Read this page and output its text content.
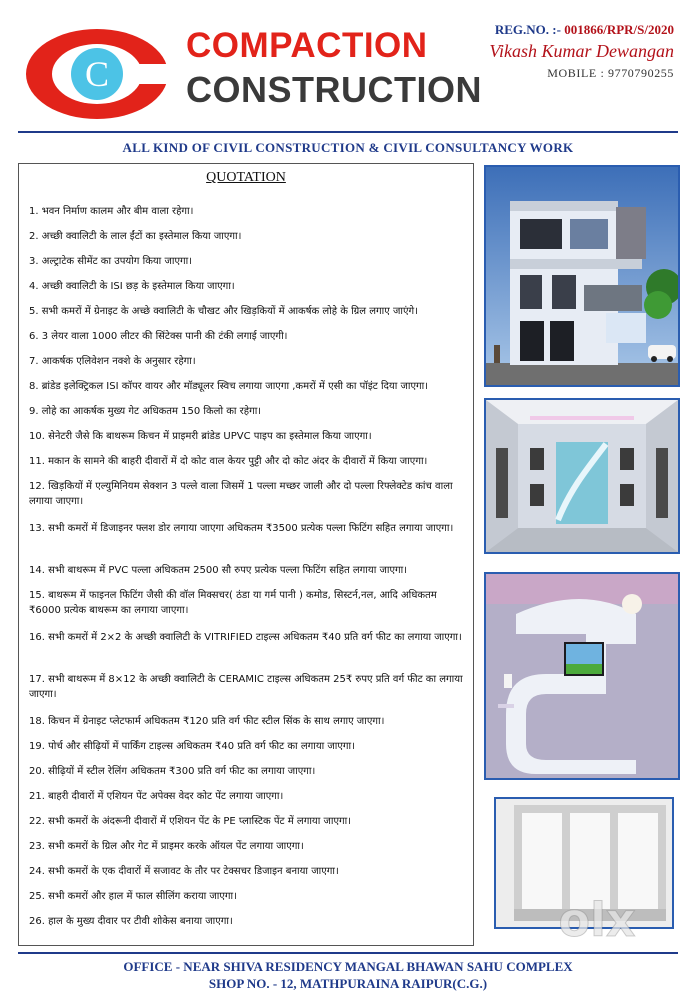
C
COMPACTION
CONSTRUCTION
REG.NO. :- 001866/RPR/S/2020
Vikash Kumar Dewangan
MOBILE : 9770790255
ALL KIND OF CIVIL CONSTRUCTION & CIVIL CONSULTANCY WORK
QUOTATION
1. भवन निर्माण कालम और बीम वाला रहेगा।
2. अच्छी क्वालिटी के लाल ईंटों का इस्तेमाल किया जाएगा।
3. अल्ट्राटेक सीमेंट का उपयोग किया जाएगा।
4. अच्छी क्वालिटी के ISI छड़ के इस्तेमाल किया जाएगा।
5. सभी कमरों में ग्रेनाइट के अच्छे क्वालिटी के चौखट और खिड़कियों में आकर्षक लोहे के ग्रिल लगाए जाएंगे।
6. 3 लेयर वाला 1000 लीटर की सिंटेक्स पानी की टंकी लगाई जाएगी।
7. आकर्षक एलिवेशन नक्शे के अनुसार रहेगा।
8. ब्रांडेड इलेक्ट्रिकल ISI कॉपर वायर और मॉड्यूलर स्विच लगाया जाएगा ,कमरों में एसी का पॉइंट दिया जाएगा।
9. लोहे का आकर्षक मुख्य गेट अधिकतम 150 किलो का रहेगा।
10. सेनेटरी जैसे कि बाथरूम किचन में प्राइमरी ब्रांडेड UPVC पाइप का इस्तेमाल किया जाएगा।
11. मकान के सामने की बाहरी दीवारों में दो कोट वाल केयर पुट्टी और दो कोट अंदर के दीवारों में किया जाएगा।
12. खिड़कियों में एल्युमिनियम सेक्शन 3 पल्ले वाला जिसमें 1 पल्ला मच्छर जाली और दो पल्ला रिफ्लेक्टेड कांच वाला लगाया जाएगा।
13. सभी कमरों में डिजाइनर फ्लश डोर लगाया जाएगा अधिकतम ₹3500 प्रत्येक पल्ला फिटिंग सहित लगाया जाएगा।
14. सभी बाथरूम में PVC पल्ला अधिकतम 2500 सौ रुपए प्रत्येक पल्ला फिटिंग सहित लगाया जाएगा।
15. बाथरूम में फाइनल फिटिंग जैसी की वॉल मिक्सचर( ठंडा या गर्म पानी ) कमोड, सिस्टर्न,नल, आदि अधिकतम ₹6000 प्रत्येक बाथरूम का लगाया जाएगा।
16. सभी कमरों में 2×2 के अच्छी क्वालिटी के VITRIFIED टाइल्स अधिकतम ₹40 प्रति वर्ग फीट का लगाया जाएगा।
17. सभी बाथरूम में 8×12 के अच्छी क्वालिटी के CERAMIC टाइल्स अधिकतम 25₹ रुपए प्रति वर्ग फीट का लगाया जाएगा।
18. किचन में ग्रेनाइट प्लेटफार्म अधिकतम ₹120 प्रति वर्ग फीट स्टील सिंक के साथ लगाए जाएगा।
19. पोर्च और सीढ़ियों में पार्किंग टाइल्स अधिकतम ₹40 प्रति वर्ग फीट का लगाया जाएगा।
20. सीढ़ियों में स्टील रेलिंग अधिकतम ₹300 प्रति वर्ग फीट का लगाया जाएगा।
21. बाहरी दीवारों में एशियन पेंट अपेक्स वेदर कोट पेंट लगाया जाएगा।
22. सभी कमरों के अंदरूनी दीवारों में एशियन पेंट के PE प्लास्टिक पेंट में लगाया जाएगा।
23. सभी कमरों के ग्रिल और गेट में प्राइमर करके ऑयल पेंट लगाया जाएगा।
24. सभी कमरों के एक दीवारों में सजावट के तौर पर टेक्सचर डिजाइन बनाया जाएगा।
25. सभी कमरों और हाल में फाल सीलिंग कराया जाएगा।
26. हाल के मुख्य दीवार पर टीवी शोकेस बनाया जाएगा।	olx
OFFICE - NEAR SHIVA RESIDENCY MANGAL BHAWAN SAHU COMPLEX
SHOP NO. - 12, MATHPURAINA RAIPUR(C.G.)
